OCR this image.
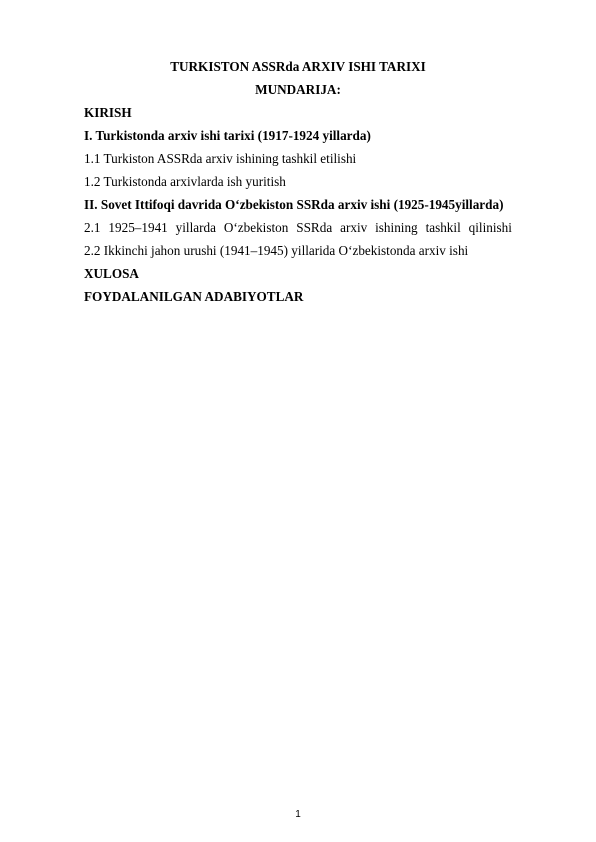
TURKISTON ASSRda ARXIV ISHI TARIXI
MUNDARIJA:
KIRISH
I. Turkistonda arxiv ishi tarixi (1917-1924 yillarda)
1.1 Turkiston ASSRda arxiv ishining tashkil etilishi
1.2 Turkistonda arxivlarda ish yuritish
II. Sovet Ittifoqi davrida O‘zbekiston SSRda arxiv ishi (1925-1945yillarda)
2.1 1925–1941 yillarda O‘zbekiston SSRda arxiv ishining tashkil qilinishi
2.2 Ikkinchi jahon urushi (1941–1945) yillarida O‘zbekistonda arxiv ishi
XULOSA
FOYDALANILGAN ADABIYOTLAR
1
